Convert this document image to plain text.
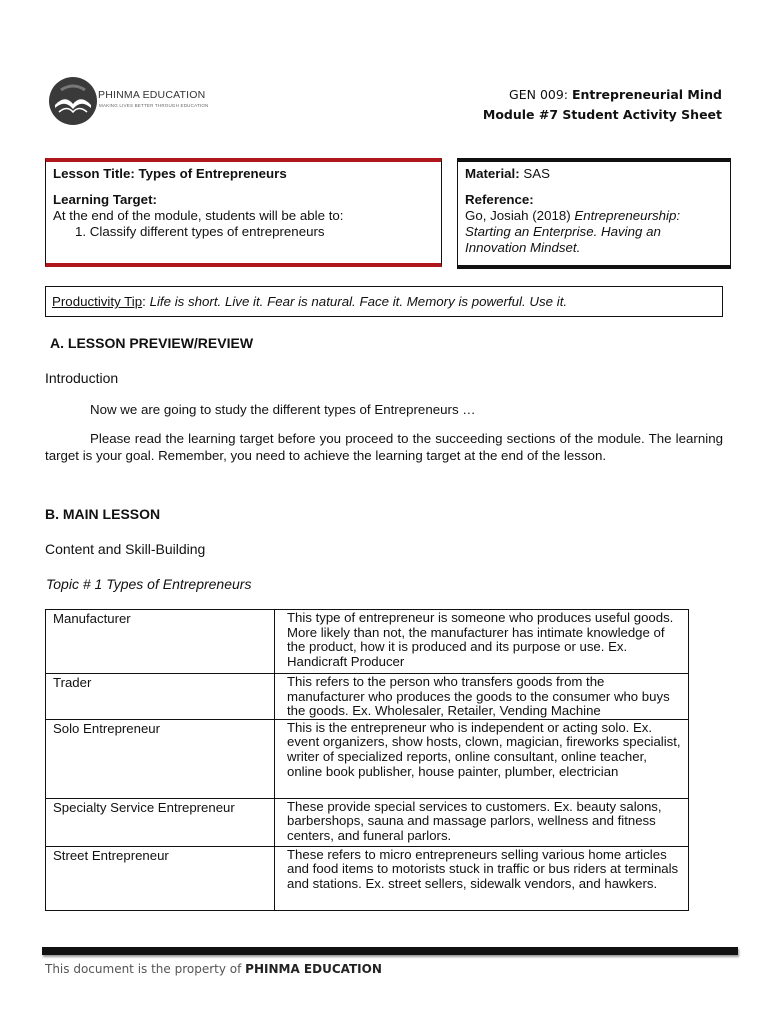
PHINMA EDUCATION
MAKING LIVES BETTER THROUGH EDUCATION
GEN 009: Entrepreneurial Mind
Module #7 Student Activity Sheet
Lesson Title: Types of Entrepreneurs
Learning Target:
At the end of the module, students will be able to:
1. Classify different types of entrepreneurs
Material: SAS
Reference:
Go, Josiah (2018) Entrepreneurship: Starting an Enterprise. Having an Innovation Mindset.
Productivity Tip: Life is short. Live it. Fear is natural. Face it. Memory is powerful. Use it.
A. LESSON PREVIEW/REVIEW
Introduction
Now we are going to study the different types of Entrepreneurs …
Please read the learning target before you proceed to the succeeding sections of the module. The learning target is your goal. Remember, you need to achieve the learning target at the end of the lesson.
B. MAIN LESSON
Content and Skill-Building
Topic # 1 Types of Entrepreneurs
Manufacturer	This type of entrepreneur is someone who produces useful goods. More likely than not, the manufacturer has intimate knowledge of the product, how it is produced and its purpose or use. Ex. Handicraft Producer
Trader	This refers to the person who transfers goods from the manufacturer who produces the goods to the consumer who buys the goods. Ex. Wholesaler, Retailer, Vending Machine
Solo Entrepreneur	This is the entrepreneur who is independent or acting solo. Ex. event organizers, show hosts, clown, magician, fireworks specialist, writer of specialized reports, online consultant, online teacher, online book publisher, house painter, plumber, electrician
Specialty Service Entrepreneur	These provide special services to customers. Ex. beauty salons, barbershops, sauna and massage parlors, wellness and fitness centers, and funeral parlors.
Street Entrepreneur	These refers to micro entrepreneurs selling various home articles and food items to motorists stuck in traffic or bus riders at terminals and stations. Ex. street sellers, sidewalk vendors, and hawkers.
This document is the property of PHINMA EDUCATION
